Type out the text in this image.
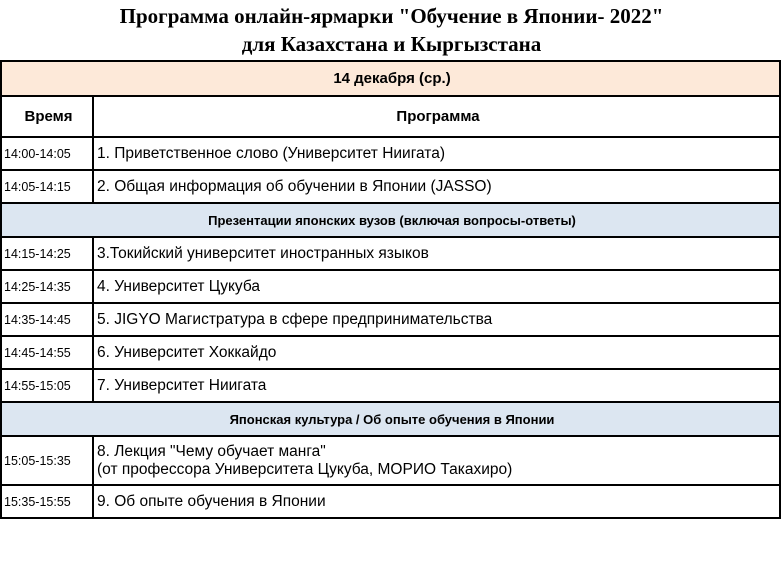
Программа онлайн-ярмарки "Обучение в Японии- 2022"
для Казахстана и Кыргызстана
14 декабря (ср.)	
Время	Программа
14:00-14:05	1. Приветственное слово (Университет Ниигата)
14:05-14:15	2. Общая информация об обучении в Японии (JASSO)
Презентации японских вузов (включая вопросы-ответы)	
14:15-14:25	3.Токийский университет иностранных языков
14:25-14:35	4. Университет Цукуба
14:35-14:45	5. JIGYO Магистратура в сфере предпринимательства
14:45-14:55	6. Университет Хоккайдо
14:55-15:05	7. Университет Ниигата
Японская культура / Об опыте обучения в Японии	
15:05-15:35	8. Лекция "Чему обучает манга"
(от профессора Университета Цукуба, МОРИО Такахиро)

15:35-15:55	9. Об опыте обучения в Японии
